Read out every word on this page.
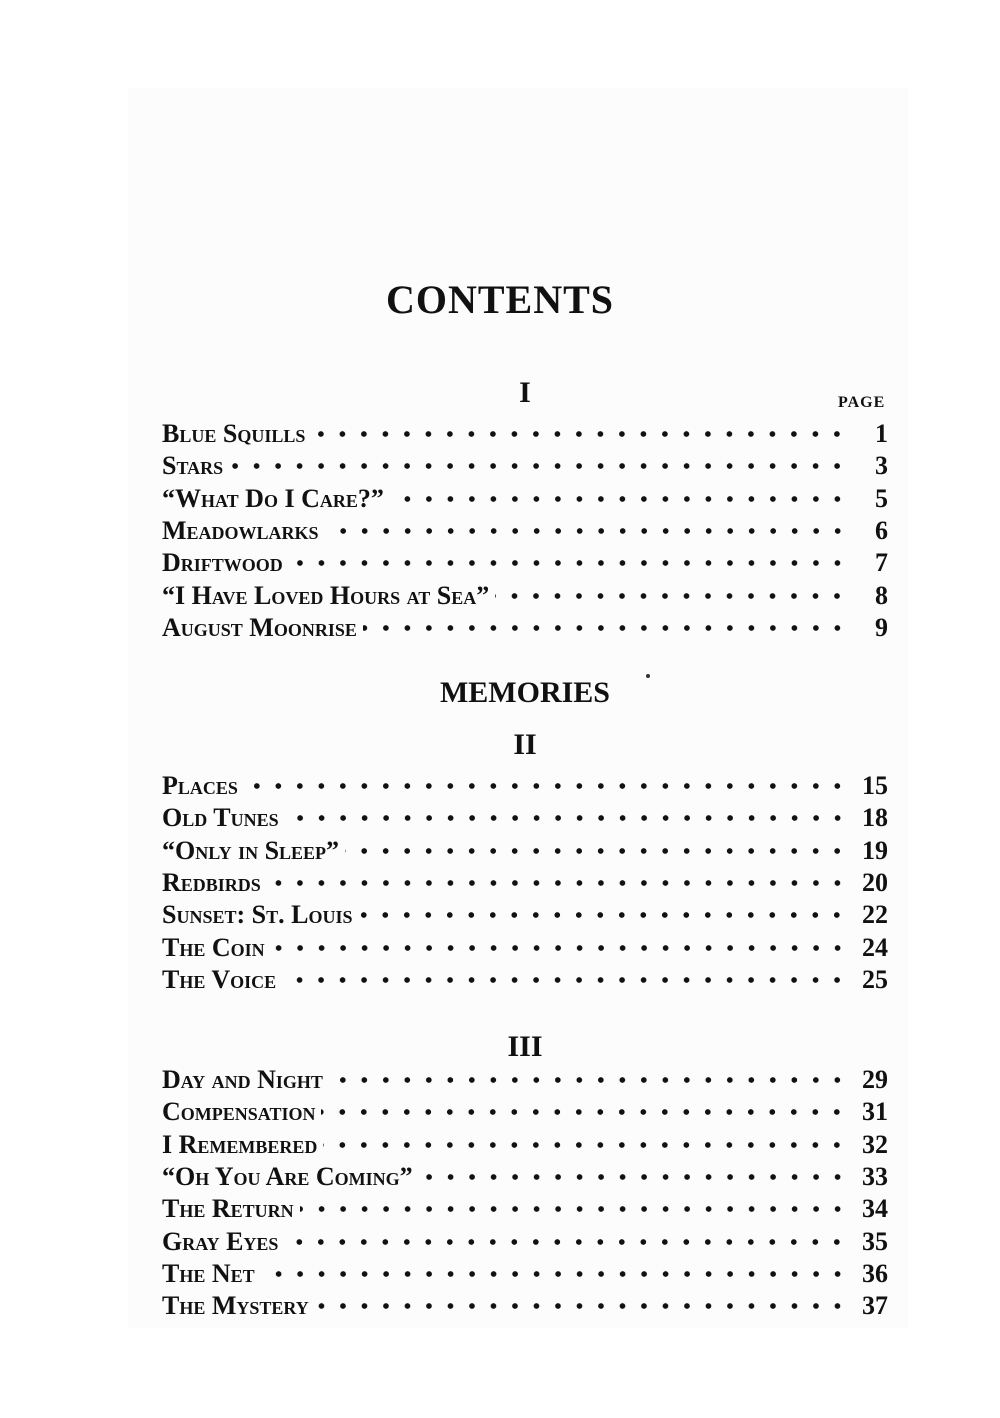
CONTENTS
I	PAGE
Blue Squills	1
Stars	3
“What Do I Care?”	5
Meadowlarks	6
Driftwood	7
“I Have Loved Hours at Sea”	8
August Moonrise	9
MEMORIES
II
Places	15
Old Tunes	18
“Only in Sleep”	19
Redbirds	20
Sunset: St. Louis	22
The Coin	24
The Voice	25
III
Day and Night	29
Compensation	31
I Remembered	32
“Oh You Are Coming”	33
The Return	34
Gray Eyes	35
The Net	36
The Mystery	37
